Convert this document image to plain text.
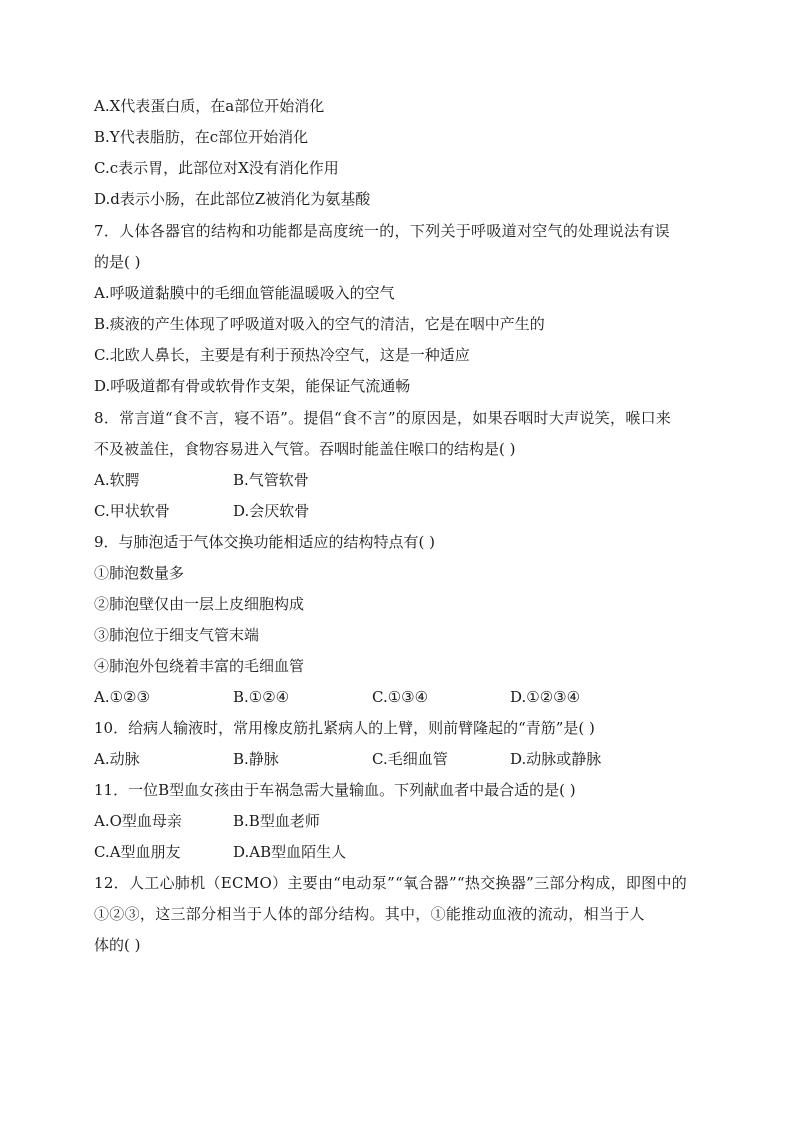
A.X代表蛋白质，在a部位开始消化
B.Y代表脂肪，在c部位开始消化
C.c表示胃，此部位对X没有消化作用
D.d表示小肠，在此部位Z被消化为氨基酸
7．人体各器官的结构和功能都是高度统一的，下列关于呼吸道对空气的处理说法有误
的是( )
A.呼吸道黏膜中的毛细血管能温暖吸入的空气
B.痰液的产生体现了呼吸道对吸入的空气的清洁，它是在咽中产生的
C.北欧人鼻长，主要是有利于预热冷空气，这是一种适应
D.呼吸道都有骨或软骨作支架，能保证气流通畅
8．常言道“食不言，寝不语”。提倡“食不言”的原因是，如果吞咽时大声说笑，喉口来
不及被盖住，食物容易进入气管。吞咽时能盖住喉口的结构是( )
A.软腭	B.气管软骨
C.甲状软骨	D.会厌软骨
9．与肺泡适于气体交换功能相适应的结构特点有( )
①肺泡数量多
②肺泡壁仅由一层上皮细胞构成
③肺泡位于细支气管末端
④肺泡外包绕着丰富的毛细血管
A.①②③	B.①②④	C.①③④	D.①②③④
10．给病人输液时，常用橡皮筋扎紧病人的上臂，则前臂隆起的“青筋”是( )
A.动脉	B.静脉	C.毛细血管	D.动脉或静脉
11．一位B型血女孩由于车祸急需大量输血。下列献血者中最合适的是( )
A.O型血母亲	B.B型血老师
C.A型血朋友	D.AB型血陌生人
12．人工心肺机（ECMO）主要由“电动泵”“氧合器”“热交换器”三部分构成，即图中的
①②③，这三部分相当于人体的部分结构。其中，①能推动血液的流动，相当于人
体的( )
